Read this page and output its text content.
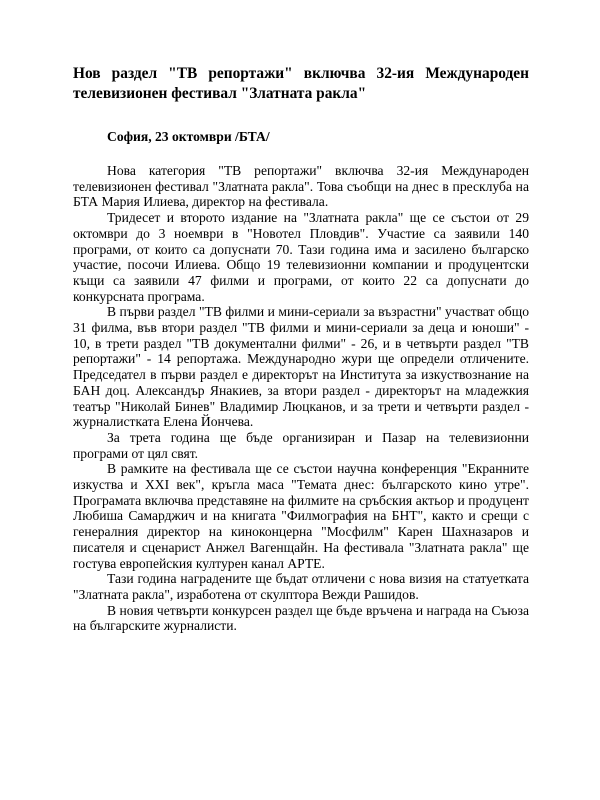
Нов раздел "ТВ репортажи" включва 32-ия Международен телевизионен фестивал "Златната ракла"
София, 23 октомври /БТА/

Нова категория "ТВ репортажи" включва 32-ия Международен телевизионен фестивал "Златната ракла". Това съобщи на днес в пресклуба на БТА Мария Илиева, директор на фестивала.

Тридесет и второто издание на "Златната ракла" ще се състои от 29 октомври до 3 ноември в "Новотел Пловдив". Участие са заявили 140 програми, от които са допуснати 70. Тази година има и засилено българско участие, посочи Илиева. Общо 19 телевизионни компании и продуцентски къщи са заявили 47 филми и програми, от които 22 са допуснати до конкурсната програма.

В първи раздел "ТВ филми и мини-сериали за възрастни" участват общо 31 филма, във втори раздел "ТВ филми и мини-сериали за деца и юноши" - 10, в трети раздел "ТВ документални филми" - 26, и в четвърти раздел "ТВ репортажи" - 14 репортажа. Международно жури ще определи отличените. Председател в първи раздел е директорът на Института за изкуствознание на БАН доц. Александър Янакиев, за втори раздел - директорът на младежкия театър "Николай Бинев" Владимир Люцканов, и за трети и четвърти раздел - журналистката Елена Йончева.

За трета година ще бъде организиран и Пазар на телевизионни програми от цял свят.

В рамките на фестивала ще се състои научна конференция "Екранните изкуства и XXI век", кръгла маса "Темата днес: българското кино утре". Програмата включва представяне на филмите на сръбския актьор и продуцент Любиша Самарджич и на книгата "Филмография на БНТ", както и срещи с генералния директор на киноконцерна "Мосфилм" Карен Шахназаров и писателя и сценарист Анжел Вагенщайн. На фестивала "Златната ракла" ще гостува европейския културен канал АРТЕ.

Тази година наградените ще бъдат отличени с нова визия на статуетката "Златната ракла", изработена от скулптора Вежди Рашидов.

В новия четвърти конкурсен раздел ще бъде връчена и награда на Съюза на българските журналисти.
